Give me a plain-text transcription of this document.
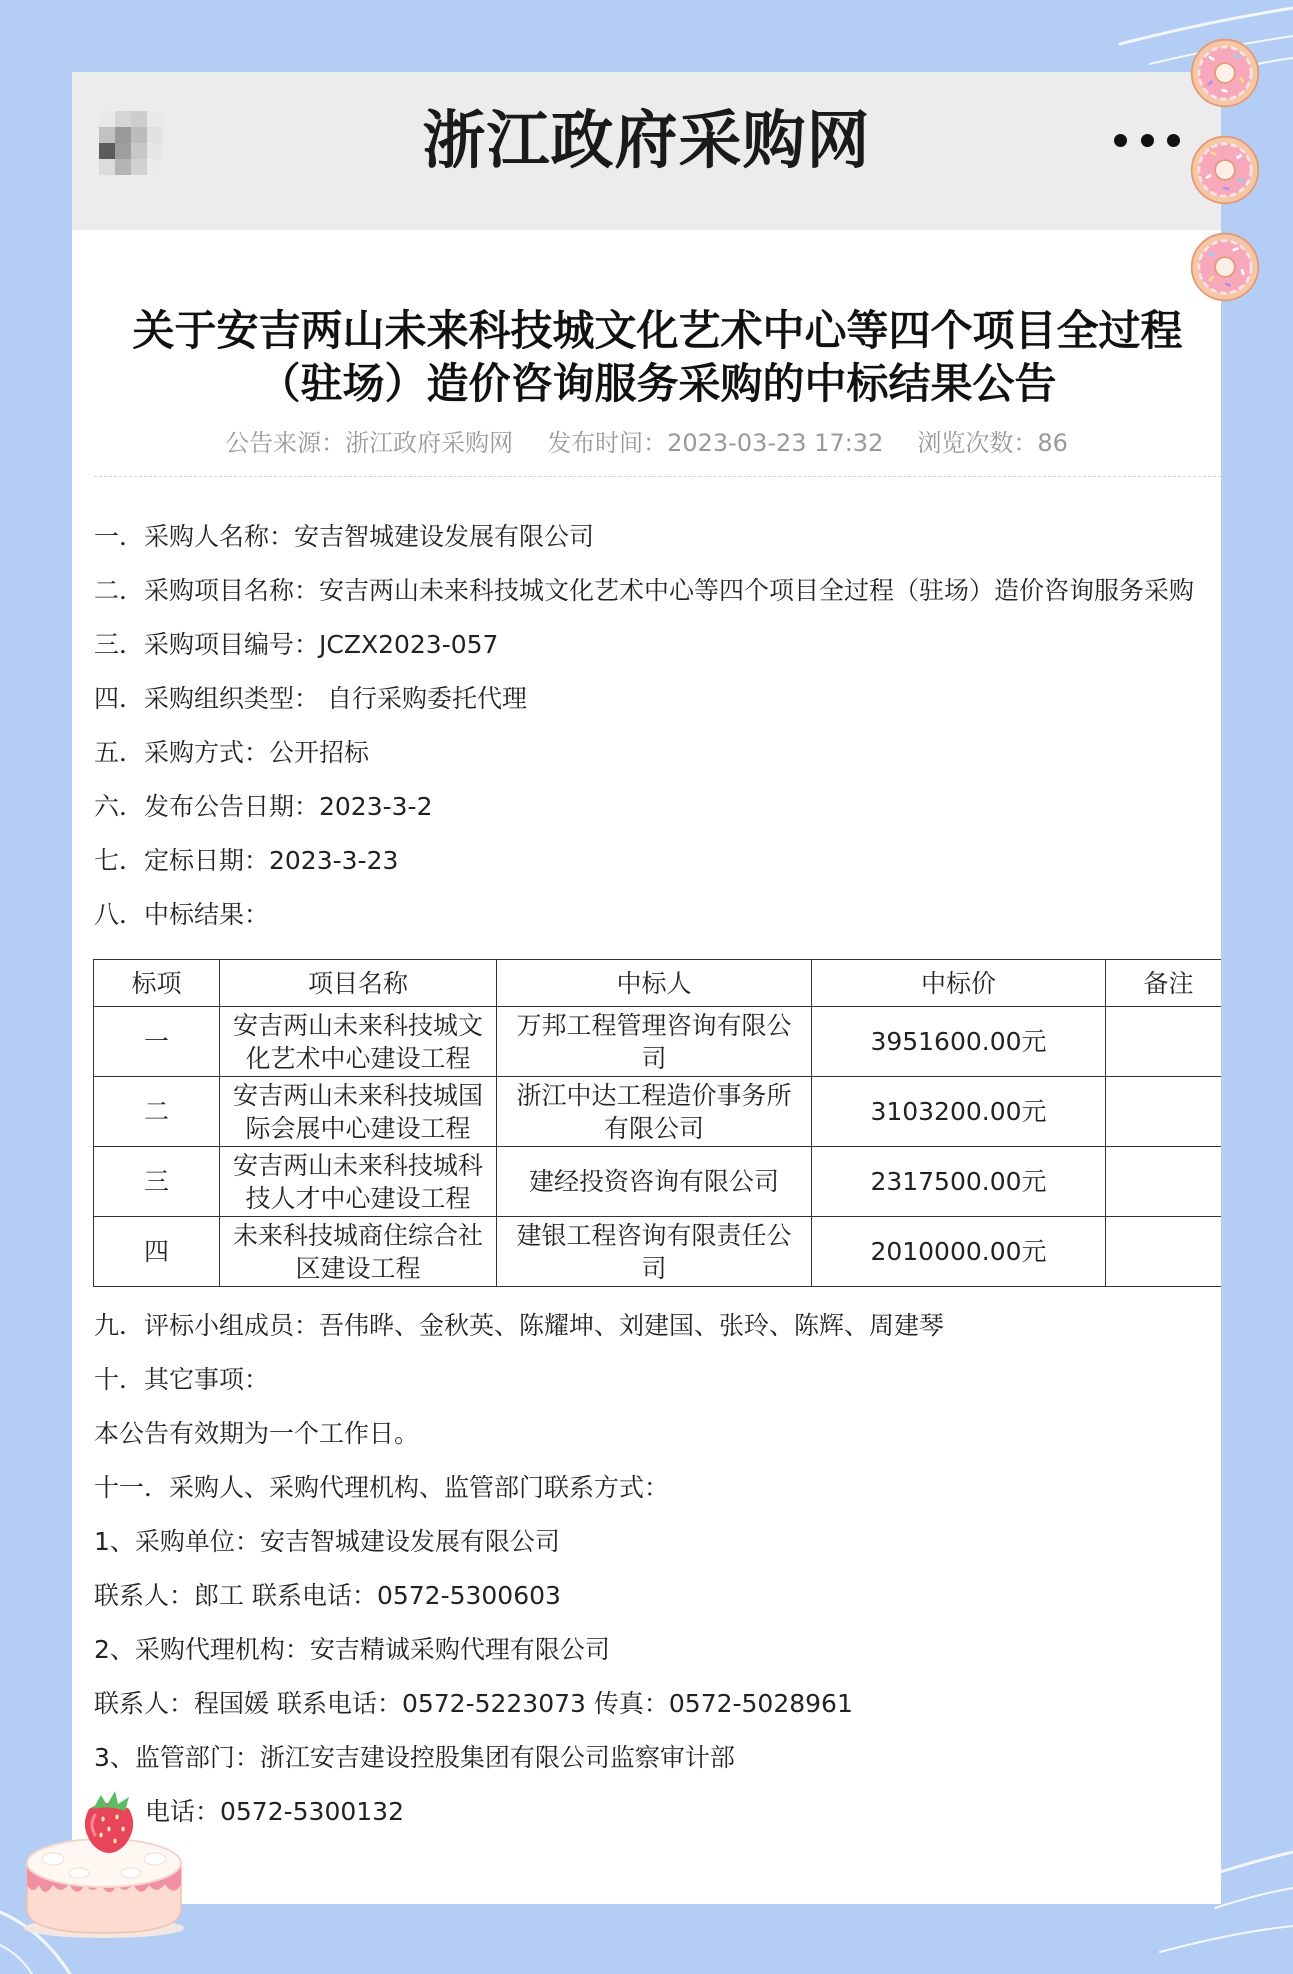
浙江政府采购网
关于安吉两山未来科技城文化艺术中心等四个项目全过程
（驻场）造价咨询服务采购的中标结果公告
公告来源：浙江政府采购网 发布时间：2023-03-23 17:32 浏览次数：86
一．采购人名称：安吉智城建设发展有限公司
二．采购项目名称：安吉两山未来科技城文化艺术中心等四个项目全过程（驻场）造价咨询服务采购
三．采购项目编号：JCZX2023-057
四．采购组织类型： 自行采购委托代理
五．采购方式：公开招标
六．发布公告日期：2023-3-2
七．定标日期：2023-3-23
八．中标结果：
标项	项目名称	中标人	中标价	备注
一	安吉两山未来科技城文化艺术中心建设工程	万邦工程管理咨询有限公司	3951600.00元	
二	安吉两山未来科技城国际会展中心建设工程	浙江中达工程造价事务所有限公司	3103200.00元	
三	安吉两山未来科技城科技人才中心建设工程	建经投资咨询有限公司	2317500.00元	
四	未来科技城商住综合社区建设工程	建银工程咨询有限责任公司	2010000.00元	
九．评标小组成员：吾伟晔、金秋英、陈耀坤、刘建国、张玲、陈辉、周建琴
十．其它事项：
本公告有效期为一个工作日。
十一．采购人、采购代理机构、监管部门联系方式：
1、采购单位：安吉智城建设发展有限公司
联系人：郎工 联系电话：0572-5300603
2、采购代理机构：安吉精诚采购代理有限公司
联系人：程国媛 联系电话：0572-5223073 传真：0572-5028961
3、监管部门：浙江安吉建设控股集团有限公司监察审计部
电话：0572-5300132
